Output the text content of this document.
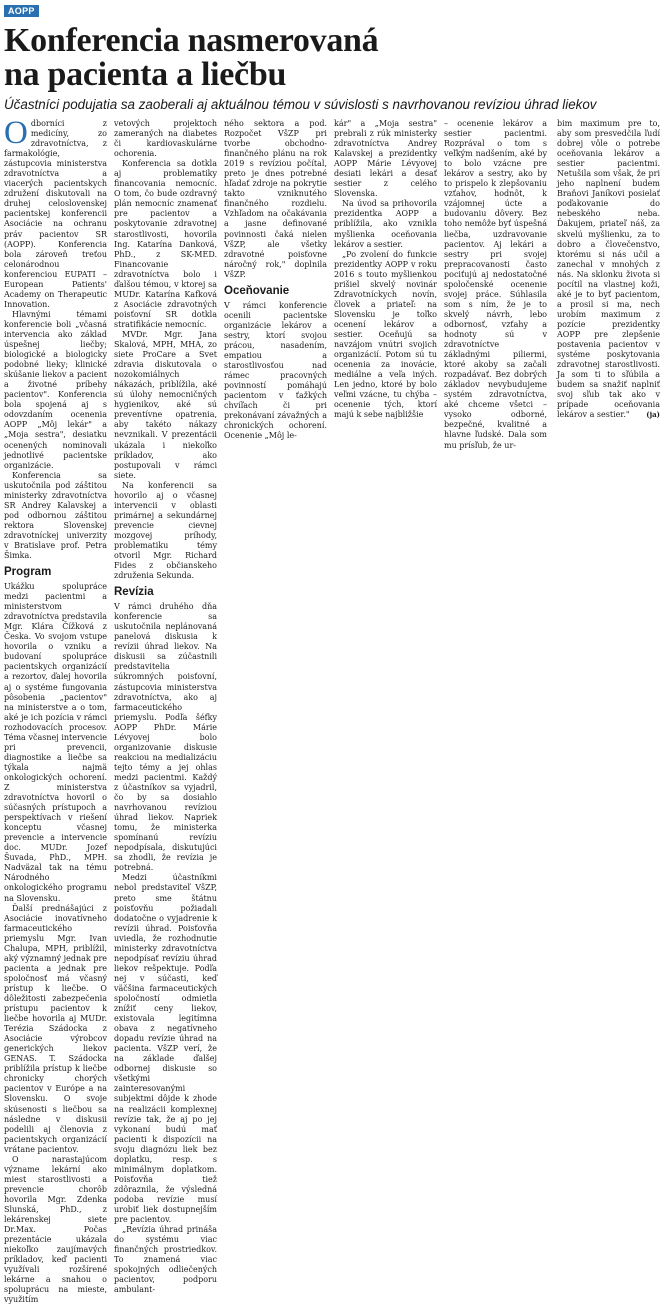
AOPP
Konferencia nasmerovaná
na pacienta a liečbu

Účastníci podujatia sa zaoberali aj aktuálnou témou v súvislosti s navrhovanou revíziou úhrad liekov

Odborníci z medicíny, zo zdravotníctva, z farmakológie, zástupcovia ministerstva zdravotníctva a viacerých pacientskych združení diskutovali na druhej celoslovenskej pacientskej konferencii Asociácie na ochranu práv pacientov SR (AOPP). Konferencia bola zároveň treťou celonárodnou konferenciou EUPATI – European Patients' Academy on Therapeutic Innovation.

Hlavnými témami konferencie boli „včasná intervencia ako základ úspešnej liečby; biologické a biologicky podobné lieky; klinické skúšanie liekov a pacient a životné príbehy pacientov". Konferencia bola spojená aj s odovzdaním ocenenia AOPP „Môj lekár" a „Moja sestra", desiatku ocenených nominovali jednotlivé pacientske organizácie.

Konferencia sa uskutočnila pod záštitou ministerky zdravotníctva SR Andrey Kalavskej a pod odbornou záštitou rektora Slovenskej zdravotníckej univerzity v Bratislave prof. Petra Šimka.

Program

Ukážku spolupráce medzi pacientmi a ministerstvom zdravotníctva predstavila Mgr. Klára Čížková z Česka. Vo svojom vstupe hovorila o vzniku a budovaní spolupráce pacientskych organizácií a rezortov, ďalej hovorila aj o systéme fungovania pôsobenia „pacientov" na ministerstve a o tom, aké je ich pozícia v rámci rozhodovacích procesov. Téma včasnej intervencie pri prevencii, diagnostike a liečbe sa týkala najmä onkologických ochorení. Z ministerstva zdravotníctva hovoril o súčasných prístupoch a perspektívach v riešení konceptu včasnej prevencie a intervencie doc. MUDr. Jozef Šuvada, PhD., MPH. Nadväzal tak na tému Národného onkologického programu na Slovensku.

Ďalší prednášajúci z Asociácie inovatívneho farmaceutického priemyslu Mgr. Ivan Chalupa, MPH, priblížil, aký významný jednak pre pacienta a jednak pre spoločnosť má včasný prístup k liečbe. O dôležitosti zabezpečenia prístupu pacientov k liečbe hovorila aj MUDr. Terézia Szádocka z Asociácie výrobcov generických liekov GENAS. T. Szádocka priblížila prístup k liečbe chronicky chorých pacientov v Európe a na Slovensku. O svoje skúsenosti s liečbou sa následne v diskusii podelili aj členovia z pacientskych organizácií vrátane pacientov.

O narastajúcom význame lekární ako miest starostlivosti a prevencie chorôb hovorila Mgr. Zdenka Slunská, PhD., z lekárenskej siete Dr.Max. Počas prezentácie ukázala niekoľko zaujímavých príkladov, keď pacienti využívali rozšírené lekárne a snahou o spoluprácu na mieste, využitím

vetových projektoch zameraných na diabetes či kardiovaskulárne ochorenia.

Konferencia sa dotkla aj problematiky financovania nemocníc. O tom, čo bude ozdravný plán nemocníc znamenať pre pacientov a poskytovanie zdravotnej starostlivosti, hovorila Ing. Katarína Danková, PhD., z SK-MED. Financovanie zdravotníctva bolo i ďalšou témou, v ktorej sa MUDr. Katarína Kafková z Asociácie zdravotných poisťovní SR dotkla stratifikácie nemocníc.

MVDr. Mgr. Jana Skalová, MPH, MHA, zo siete ProCare a Svet zdravia diskutovala o nozokomiálnych nákazách, priblížila, aké sú úlohy nemocničných hygienikov, aké sú preventívne opatrenia, aby takéto nákazy nevznikali. V prezentácii ukázala i niekoľko príkladov, ako postupovali v rámci siete.

Na konferencii sa hovorilo aj o včasnej intervencii v oblasti primárnej a sekundárnej prevencie cievnej mozgovej príhody, problematiku témy otvoril Mgr. Richard Fides z občianskeho združenia Sekunda.

Revízia

V rámci druhého dňa konferencie sa uskutočnila neplánovaná panelová diskusia k revízii úhrad liekov. Na diskusii sa zúčastnili predstavitelia súkromných poisťovní, zástupcovia ministerstva zdravotníctva, ako aj farmaceutického priemyslu. Podľa šéfky AOPP PhDr. Márie Lévyovej bolo organizovanie diskusie reakciou na medializáciu tejto témy a jej ohlas medzi pacientmi. Každý z účastníkov sa vyjadril, čo by sa dosiahlo navrhovanou revíziou úhrad liekov. Napriek tomu, že ministerka spomínanú revíziu nepodpísala, diskutujúci sa zhodli, že revízia je potrebná.

Medzi účastníkmi nebol predstaviteľ VšZP, preto sme štátnu poisťovňu požiadali dodatočne o vyjadrenie k revízii úhrad. Poisťovňa uviedla, že rozhodnutie ministerky zdravotníctva nepodpísať revíziu úhrad liekov rešpektuje. Podľa nej v súčasti, keď väčšina farmaceutických spoločností odmietla znížiť ceny liekov, existovala legitímna obava z negatívneho dopadu revízie úhrad na pacienta. VšZP verí, že na základe ďalšej odbornej diskusie so všetkými zainteresovanými subjektmi dôjde k zhode na realizácii komplexnej revízie tak, že aj po jej vykonaní budú mať pacienti k dispozícii na svoju diagnózu liek bez doplatku, resp. s minimálnym doplatkom. Poisťovňa tiež zdôraznila, že výsledná podoba revízie musí urobiť liek dostupnejším pre pacientov.

„Revízia úhrad prináša do systému viac finančných prostriedkov. To znamená viac spokojných odliečených pacientov, podporu ambulant-

ného sektora a pod. Rozpočet VšZP pri tvorbe obchodno-finančného plánu na rok 2019 s revíziou počítal, preto je dnes potrebné hľadať zdroje na pokrytie takto vzniknutého finančného rozdielu. Vzhľadom na očakávania a jasne definované povinnosti čaká nielen VšZP, ale všetky zdravotné poisťovne náročný rok," doplnila VšZP.

Oceňovanie

V rámci konferencie ocenili pacientske organizácie lekárov a sestry, ktorí svojou prácou, nasadením, empatiou a starostlivosťou nad rámec pracovných povinností pomáhajú pacientom v ťažkých chvíľach či pri prekonávaní závažných a chronických ochorení. Ocenenie „Môj le-

kár" a „Moja sestra" prebrali z rúk ministerky zdravotníctva Andrey Kalavskej a prezidentky AOPP Márie Lévyovej desiati lekári a desať sestier z celého Slovenska.

Na úvod sa prihovorila prezidentka AOPP a priblížila, ako vznikla myšlienka oceňovania lekárov a sestier.

„Po zvolení do funkcie prezidentky AOPP v roku 2016 s touto myšlienkou prišiel skvelý novinár Zdravotníckych novín, človek a priateľ: na Slovensku je toľko ocenení lekárov a sestier. Oceňujú sa navzájom vnútri svojich organizácií. Potom sú tu ocenenia za inovácie, mediálne a veľa iných. Len jedno, ktoré by bolo veľmi vzácne, tu chýba – ocenenie tých, ktorí majú k sebe najbližšie

– ocenenie lekárov a sestier pacientmi. Rozprával o tom s veľkým nadšením, aké by to bolo vzácne pre lekárov a sestry, ako by to prispelo k zlepšovaniu vzťahov, hodnôt, k vzájomnej úcte a budovaniu dôvery. Bez toho nemôže byť úspešná liečba, uzdravovanie pacientov. Aj lekári a sestry pri svojej prepracovanosti často pociťujú aj nedostatočné spoločenské ocenenie svojej práce. Súhlasila som s ním, že je to skvelý návrh, lebo odbornosť, vzťahy a hodnoty sú v zdravotníctve základnými piliermi, ktoré akoby sa začali rozpadávať. Bez dobrých základov nevybudujeme systém zdravotníctva, aké chceme všetci – vysoko odborné, bezpečné, kvalitné a hlavne ľudské. Dala som mu prísľub, že ur-

bim maximum pre to, aby som presvedčila ľudí dobrej vôle o potrebe oceňovania lekárov a sestier pacientmi. Netušila som však, že pri jeho naplnení budem Braňovi Janíkovi posielať poďakovanie do nebeského neba. Ďakujem, priateľ náš, za skvelú myšlienku, za to dobro a človečenstvo, ktorému si nás učil a zanechal v mnohých z nás. Na sklonku života si pocítil na vlastnej koži, aké je to byť pacientom, a prosil si ma, nech urobím maximum z pozície prezidentky AOPP pre zlepšenie postavenia pacientov v systéme poskytovania zdravotnej starostlivosti. Ja som ti to sľúbila a budem sa snažiť naplniť svoj sľub tak ako v prípade oceňovania lekárov a sestier." (ja)
